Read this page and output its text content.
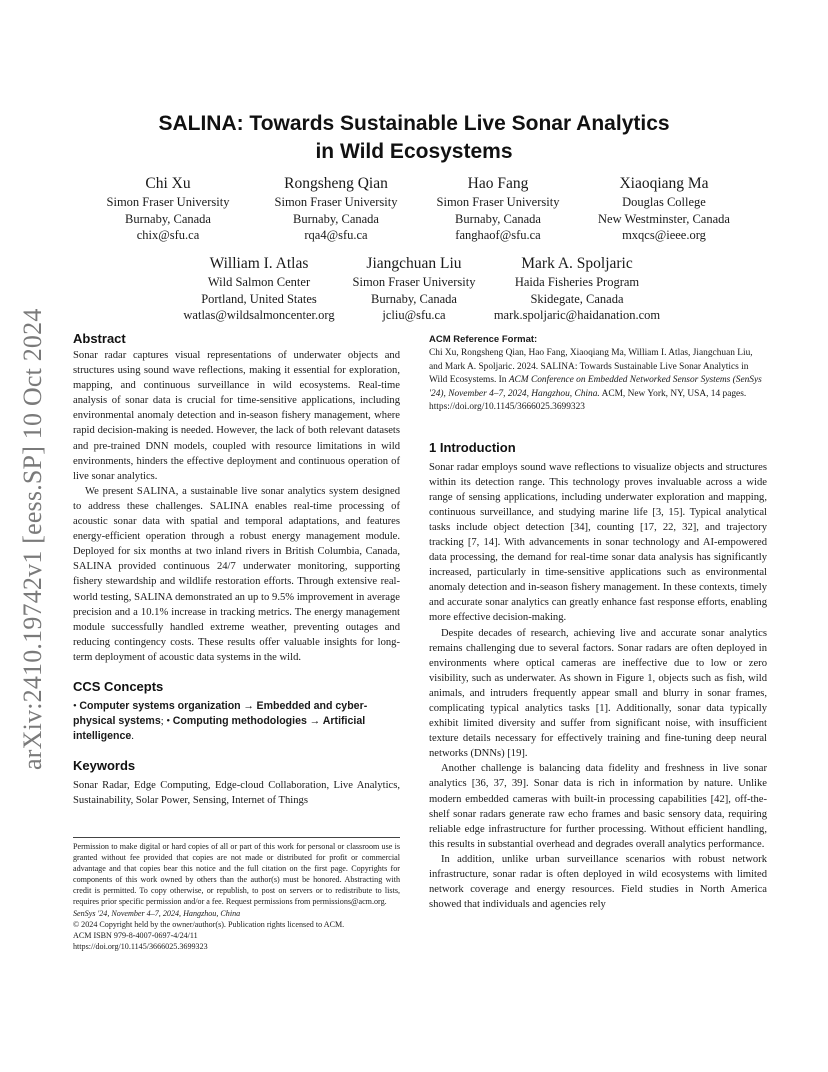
arXiv:2410.19742v1 [eess.SP] 10 Oct 2024
SALINA: Towards Sustainable Live Sonar Analytics
in Wild Ecosystems
Chi Xu
Simon Fraser University
Burnaby, Canada
chix@sfu.ca
Rongsheng Qian
Simon Fraser University
Burnaby, Canada
rqa4@sfu.ca
Hao Fang
Simon Fraser University
Burnaby, Canada
fanghaof@sfu.ca
Xiaoqiang Ma
Douglas College
New Westminster, Canada
mxqcs@ieee.org
William I. Atlas
Wild Salmon Center
Portland, United States
watlas@wildsalmoncenter.org
Jiangchuan Liu
Simon Fraser University
Burnaby, Canada
jcliu@sfu.ca
Mark A. Spoljaric
Haida Fisheries Program
Skidegate, Canada
mark.spoljaric@haidanation.com
Abstract

Sonar radar captures visual representations of underwater objects and structures using sound wave reflections, making it essential for exploration, mapping, and continuous surveillance in wild ecosystems. Real-time analysis of sonar data is crucial for time-sensitive applications, including environmental anomaly detection and in-season fishery management, where rapid decision-making is needed. However, the lack of both relevant datasets and pre-trained DNN models, coupled with resource limitations in wild environments, hinders the effective deployment and continuous operation of live sonar analytics.

We present SALINA, a sustainable live sonar analytics system designed to address these challenges. SALINA enables real-time processing of acoustic sonar data with spatial and temporal adaptations, and features energy-efficient operation through a robust energy management module. Deployed for six months at two inland rivers in British Columbia, Canada, SALINA provided continuous 24/7 underwater monitoring, supporting fishery stewardship and wildlife restoration efforts. Through extensive real-world testing, SALINA demonstrated an up to 9.5% improvement in average precision and a 10.1% increase in tracking metrics. The energy management module successfully handled extreme weather, preventing outages and reducing contingency costs. These results offer valuable insights for long-term deployment of acoustic data systems in the wild.

CCS Concepts

• Computer systems organization → Embedded and cyber-physical systems; • Computing methodologies → Artificial intelligence.

Keywords

Sonar Radar, Edge Computing, Edge-cloud Collaboration, Live Analytics, Sustainability, Solar Power, Sensing, Internet of Things

Permission to make digital or hard copies of all or part of this work for personal or classroom use is granted without fee provided that copies are not made or distributed for profit or commercial advantage and that copies bear this notice and the full citation on the first page. Copyrights for components of this work owned by others than the author(s) must be honored. Abstracting with credit is permitted. To copy otherwise, or republish, to post on servers or to redistribute to lists, requires prior specific permission and/or a fee. Request permissions from permissions@acm.org.

SenSys '24, November 4–7, 2024, Hangzhou, China

© 2024 Copyright held by the owner/author(s). Publication rights licensed to ACM.

ACM ISBN 979-8-4007-0697-4/24/11

https://doi.org/10.1145/3666025.3699323

ACM Reference Format:

Chi Xu, Rongsheng Qian, Hao Fang, Xiaoqiang Ma, William I. Atlas, Jiangchuan Liu, and Mark A. Spoljaric. 2024. SALINA: Towards Sustainable Live Sonar Analytics in Wild Ecosystems. In ACM Conference on Embedded Networked Sensor Systems (SenSys '24), November 4–7, 2024, Hangzhou, China. ACM, New York, NY, USA, 14 pages. https://doi.org/10.1145/3666025.3699323

1 Introduction

Sonar radar employs sound wave reflections to visualize objects and structures within its detection range. This technology proves invaluable across a wide range of sensing applications, including underwater exploration and mapping, continuous surveillance, and studying marine life [3, 15]. Typical analytical tasks include object detection [34], counting [17, 22, 32], and trajectory tracking [7, 14]. With advancements in sonar technology and AI-empowered data processing, the demand for real-time sonar data analysis has significantly increased, particularly in time-sensitive applications such as environmental anomaly detection and in-season fishery management. In these contexts, timely and accurate sonar analytics can greatly enhance fast response efforts, enabling more effective decision-making.

Despite decades of research, achieving live and accurate sonar analytics remains challenging due to several factors. Sonar radars are often deployed in environments where optical cameras are ineffective due to low or zero visibility, such as underwater. As shown in Figure 1, objects such as fish, wild animals, and intruders frequently appear small and blurry in sonar frames, complicating typical analytics tasks [1]. Additionally, sonar data typically exhibit limited diversity and suffer from significant noise, with insufficient texture details necessary for effectively training and fine-tuning deep neural networks (DNNs) [19].

Another challenge is balancing data fidelity and freshness in live sonar analytics [36, 37, 39]. Sonar data is rich in information by nature. Unlike modern embedded cameras with built-in processing capabilities [42], off-the-shelf sonar radars generate raw echo frames and basic sensory data, requiring reliable edge infrastructure for further processing. Without efficient handling, this results in substantial overhead and degrades overall analytics performance.

In addition, unlike urban surveillance scenarios with robust network infrastructure, sonar radar is often deployed in wild ecosystems with limited network coverage and energy resources. Field studies in North America showed that individuals and agencies rely
